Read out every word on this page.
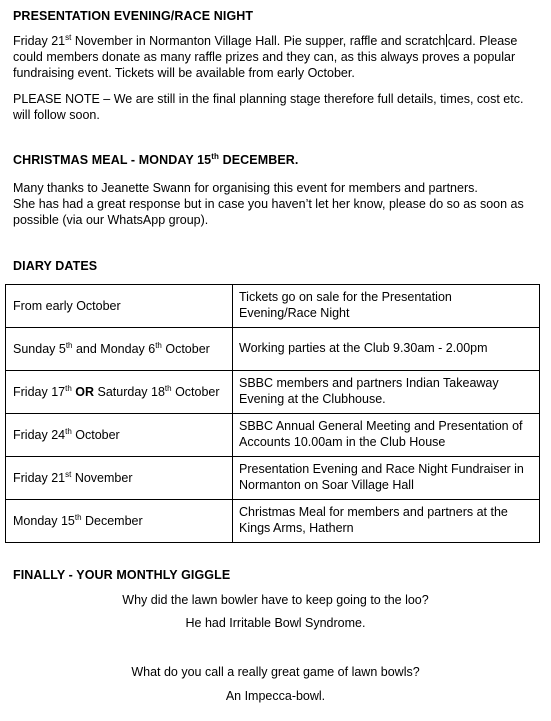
PRESENTATION EVENING/RACE NIGHT

Friday 21st November in Normanton Village Hall. Pie supper, raffle and scratch card. Please could members donate as many raffle prizes and they can, as this always proves a popular fundraising event. Tickets will be available from early October.

PLEASE NOTE – We are still in the final planning stage therefore full details, times, cost etc. will follow soon.
CHRISTMAS MEAL - MONDAY 15th DECEMBER.

Many thanks to Jeanette Swann for organising this event for members and partners.

She has had a great response but in case you haven’t let her know, please do so as soon as possible (via our WhatsApp group).

DIARY DATES
From early October	Tickets go on sale for the Presentation Evening/Race Night
Sunday 5th and Monday 6th October	Working parties at the Club 9.30am - 2.00pm
Friday 17th OR Saturday 18th October	SBBC members and partners Indian Takeaway Evening at the Clubhouse.
Friday 24th October	SBBC Annual General Meeting and Presentation of Accounts 10.00am in the Club House
Friday 21st November	Presentation Evening and Race Night Fundraiser in Normanton on Soar Village Hall
Monday 15th December	Christmas Meal for members and partners at the Kings Arms, Hathern
FINALLY - YOUR MONTHLY GIGGLE
Why did the lawn bowler have to keep going to the loo?
He had Irritable Bowl Syndrome.
What do you call a really great game of lawn bowls?
An Impecca-bowl.
